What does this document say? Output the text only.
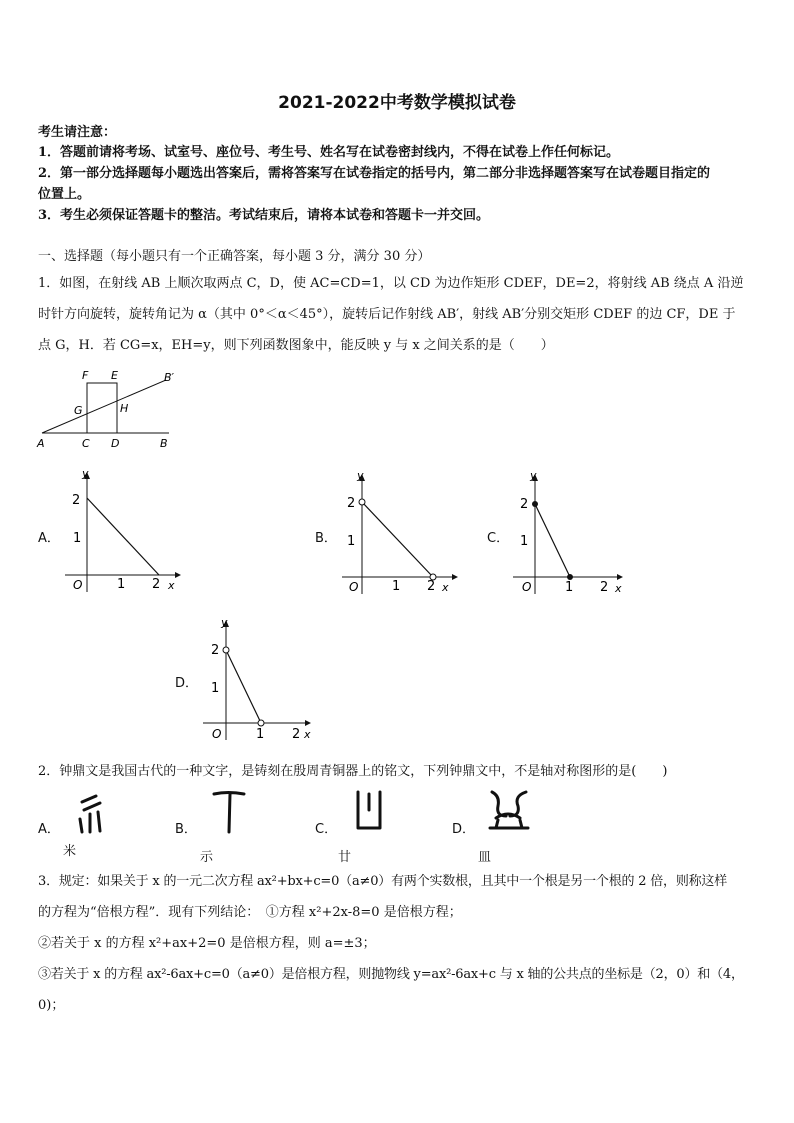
2021-2022中考数学模拟试卷
考生请注意：
1．答题前请将考场、试室号、座位号、考生号、姓名写在试卷密封线内，不得在试卷上作任何标记。
2．第一部分选择题每小题选出答案后，需将答案写在试卷指定的括号内，第二部分非选择题答案写在试卷题目指定的
位置上。
3．考生必须保证答题卡的整洁。考试结束后，请将本试卷和答题卡一并交回。
一、选择题（每小题只有一个正确答案，每小题 3 分，满分 30 分）
1．如图，在射线 AB 上顺次取两点 C，D，使 AC=CD=1，以 CD 为边作矩形 CDEF，DE=2，将射线 AB 绕点 A 沿逆
时针方向旋转，旋转角记为 α（其中 0°＜α＜45°），旋转后记作射线 AB′，射线 AB′分别交矩形 CDEF 的边 CF，DE 于
点 G，H．若 CG=x，EH=y，则下列函数图象中，能反映 y 与 x 之间关系的是（　　）
F E	B′
G	H
A	C D	B
A．	B．	C．
D．
y
x
O	1 2
1
2
y
x
O	1 2
1
2
y
x
O	1 2
1
2
y
x
O	1 2
1
2
2．钟鼎文是我国古代的一种文字，是铸刻在殷周青铜器上的铭文，下列钟鼎文中，不是轴对称图形的是(　　)
A．	B．	C．	D．
米	示	廿	皿
3．规定：如果关于 x 的一元二次方程 ax²+bx+c=0（a≠0）有两个实数根，且其中一个根是另一个根的 2 倍，则称这样
的方程为“倍根方程”．现有下列结论：　①方程 x²+2x-8=0 是倍根方程；
②若关于 x 的方程 x²+ax+2=0 是倍根方程，则 a=±3；
③若关于 x 的方程 ax²-6ax+c=0（a≠0）是倍根方程，则抛物线 y=ax²-6ax+c 与 x 轴的公共点的坐标是（2，0）和（4，
0)；
